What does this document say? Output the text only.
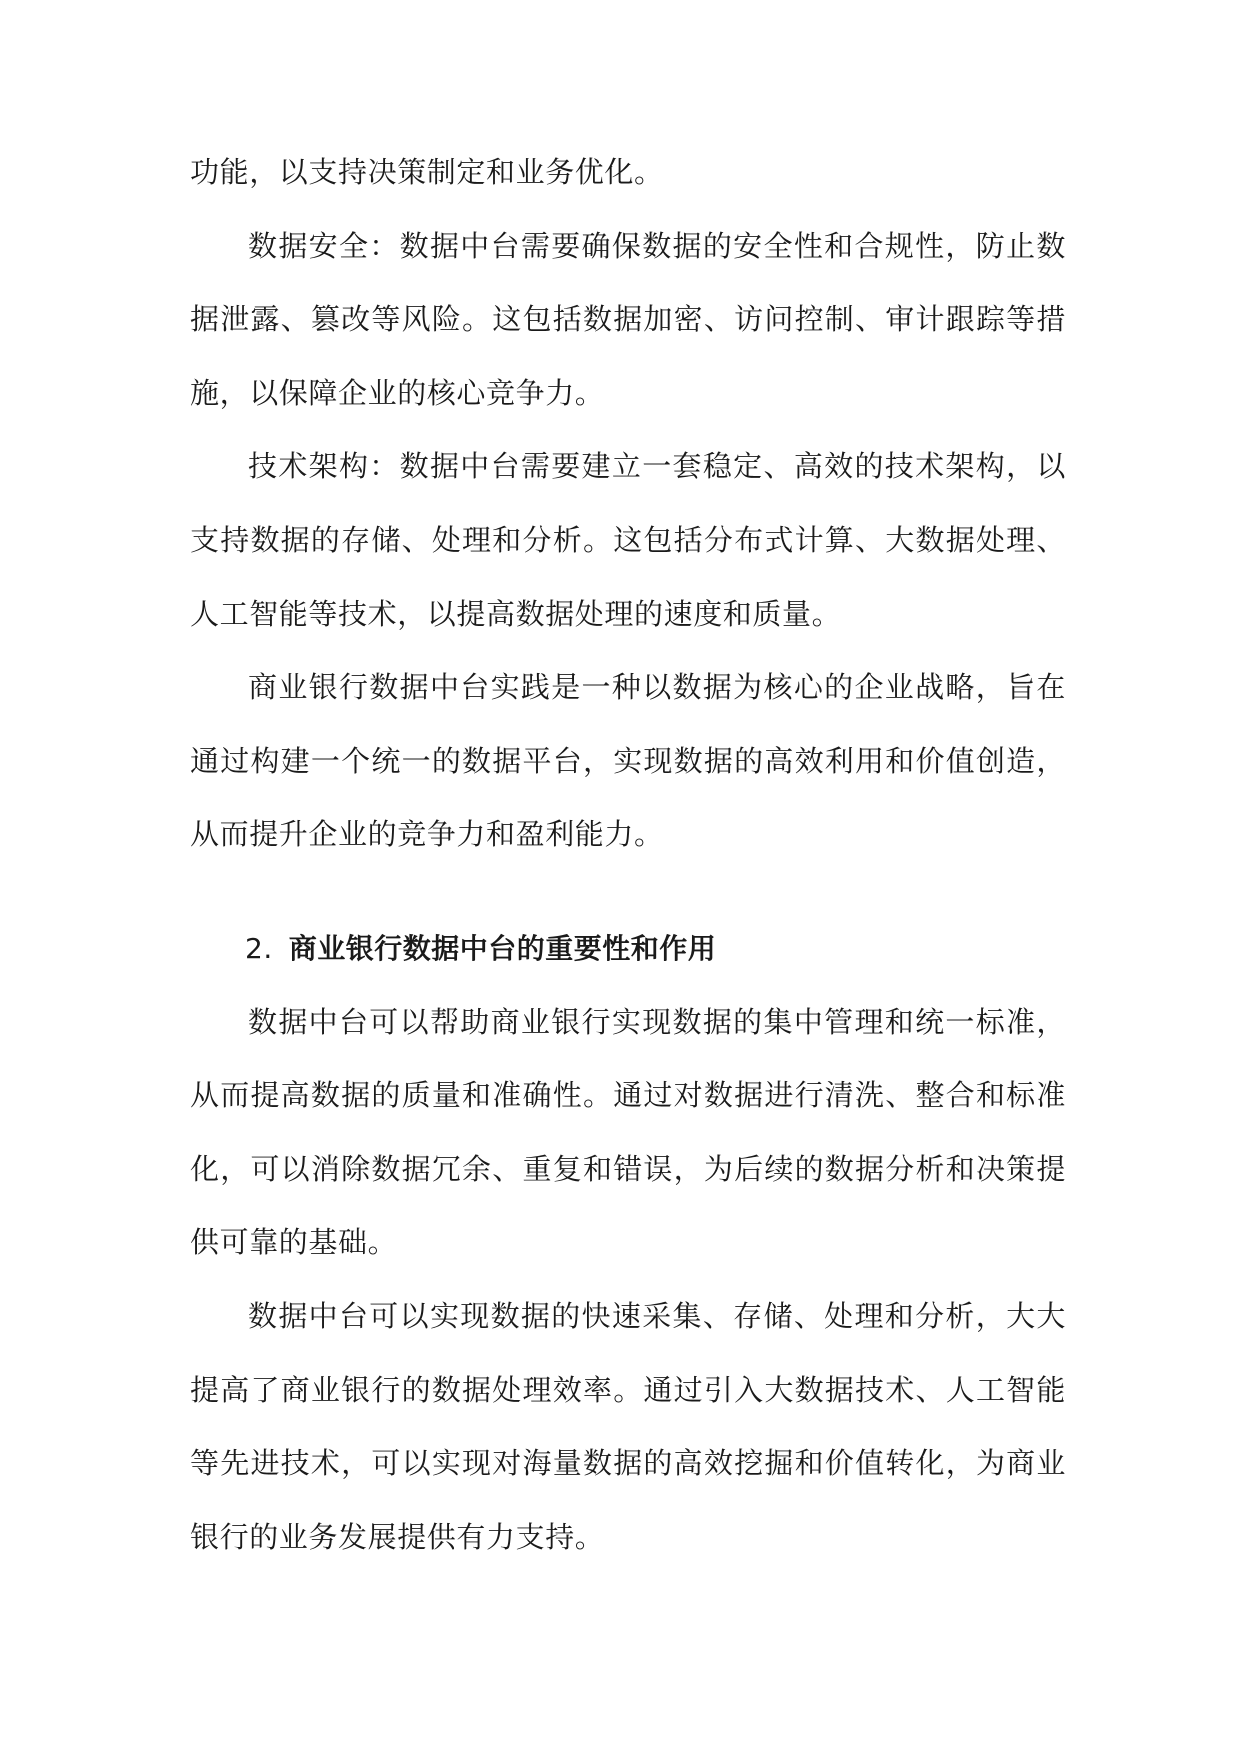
功能，以支持决策制定和业务优化。

数据安全：数据中台需要确保数据的安全性和合规性，防止数据泄露、篡改等风险。这包括数据加密、访问控制、审计跟踪等措施，以保障企业的核心竞争力。

技术架构：数据中台需要建立一套稳定、高效的技术架构，以支持数据的存储、处理和分析。这包括分布式计算、大数据处理、人工智能等技术，以提高数据处理的速度和质量。

商业银行数据中台实践是一种以数据为核心的企业战略，旨在通过构建一个统一的数据平台，实现数据的高效利用和价值创造，从而提升企业的竞争力和盈利能力。

2. 商业银行数据中台的重要性和作用

数据中台可以帮助商业银行实现数据的集中管理和统一标准，从而提高数据的质量和准确性。通过对数据进行清洗、整合和标准化，可以消除数据冗余、重复和错误，为后续的数据分析和决策提供可靠的基础。

数据中台可以实现数据的快速采集、存储、处理和分析，大大提高了商业银行的数据处理效率。通过引入大数据技术、人工智能等先进技术，可以实现对海量数据的高效挖掘和价值转化，为商业银行的业务发展提供有力支持。
